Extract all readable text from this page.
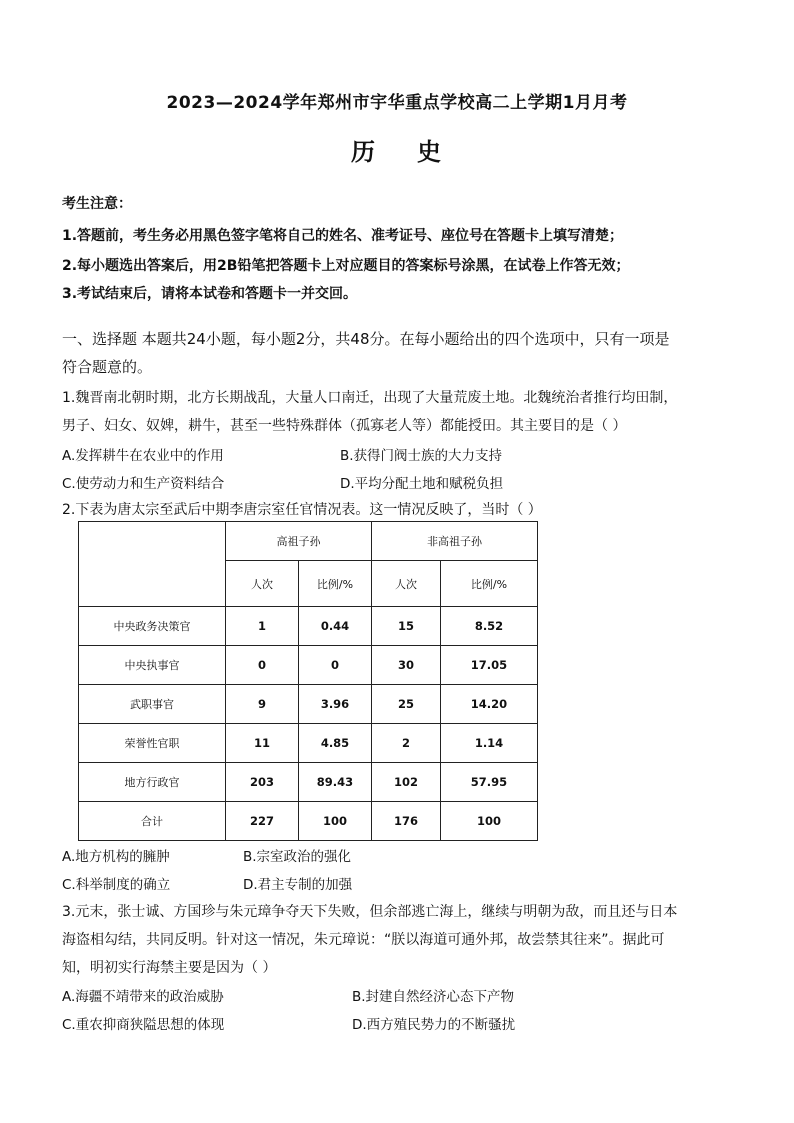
2023—2024学年郑州市宇华重点学校高二上学期1月月考
历史
考生注意：
1.答题前，考生务必用黑色签字笔将自己的姓名、准考证号、座位号在答题卡上填写清楚；
2.每小题选出答案后，用2B铅笔把答题卡上对应题目的答案标号涂黑，在试卷上作答无效；
3.考试结束后，请将本试卷和答题卡一并交回。
一、选择题 本题共24小题，每小题2分，共48分。在每小题给出的四个选项中，只有一项是
符合题意的。
1.魏晋南北朝时期，北方长期战乱，大量人口南迁，出现了大量荒废土地。北魏统治者推行均田制，
男子、妇女、奴婢，耕牛，甚至一些特殊群体（孤寡老人等）都能授田。其主要目的是（ ）
A.发挥耕牛在农业中的作用	B.获得门阀士族的大力支持
C.使劳动力和生产资料结合	D.平均分配土地和赋税负担
2.下表为唐太宗至武后中期李唐宗室任官情况表。这一情况反映了，当时（ ）
	高祖子孙		非高祖子孙	
	人次	比例/%	人次	比例/%
中央政务决策官	1	0.44	15	8.52
中央执事官	0	0	30	17.05
武职事官	9	3.96	25	14.20
荣誉性官职	11	4.85	2	1.14
地方行政官	203	89.43	102	57.95
合计	227	100	176	100
A.地方机构的臃肿	B.宗室政治的强化
C.科举制度的确立	D.君主专制的加强
3.元末，张士诚、方国珍与朱元璋争夺天下失败，但余部逃亡海上，继续与明朝为敌，而且还与日本
海盗相勾结，共同反明。针对这一情况，朱元璋说：“朕以海道可通外邦，故尝禁其往来”。据此可
知，明初实行海禁主要是因为（ ）
A.海疆不靖带来的政治威胁	B.封建自然经济心态下产物
C.重农抑商狭隘思想的体现	D.西方殖民势力的不断骚扰
